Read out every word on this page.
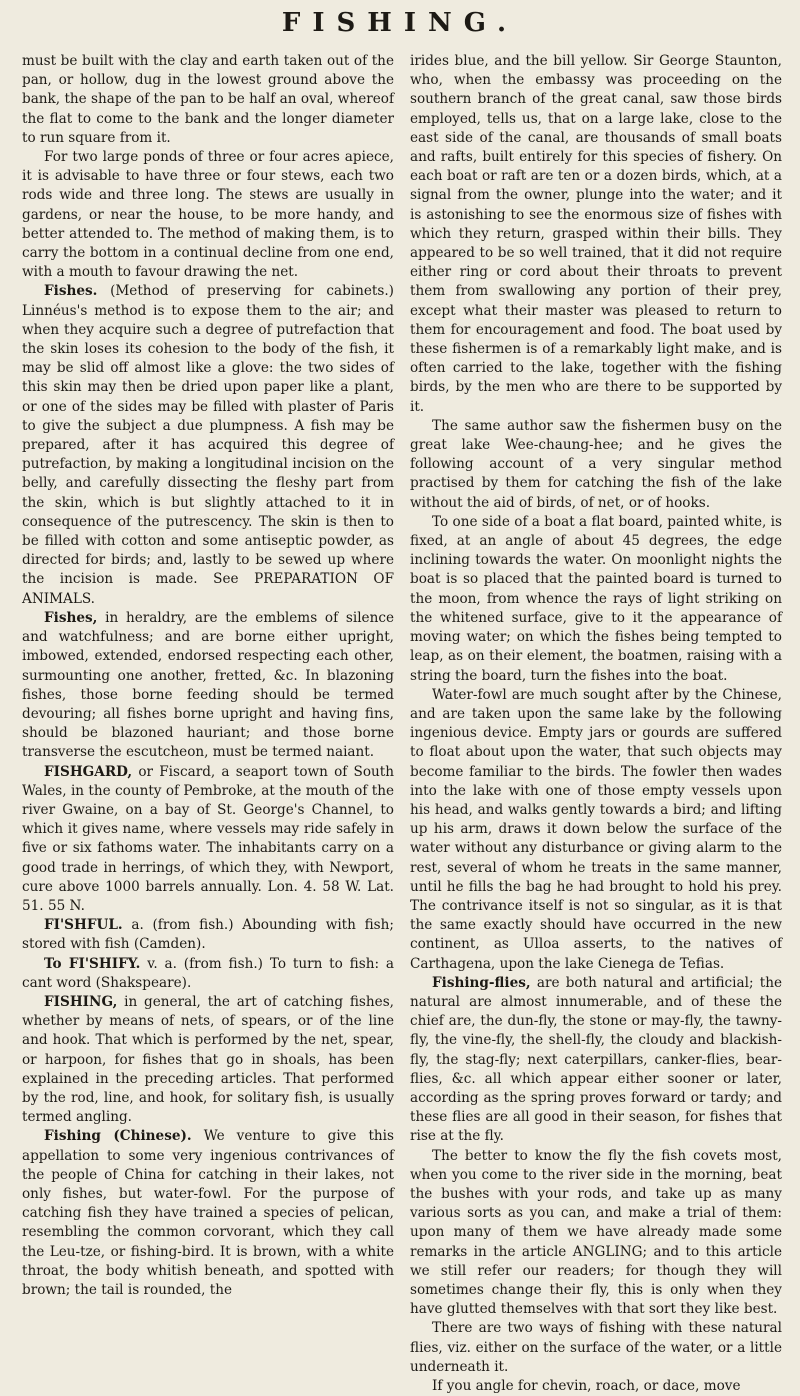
FISHING.

must be built with the clay and earth taken out of the pan, or hollow, dug in the lowest ground above the bank, the shape of the pan to be half an oval, whereof the flat to come to the bank and the longer diameter to run square from it.

For two large ponds of three or four acres apiece, it is advisable to have three or four stews, each two rods wide and three long. The stews are usually in gardens, or near the house, to be more handy, and better attended to. The method of making them, is to carry the bottom in a continual decline from one end, with a mouth to favour drawing the net.

Fishes. (Method of preserving for cabinets.) Linnéus's method is to expose them to the air; and when they acquire such a degree of putrefaction that the skin loses its cohesion to the body of the fish, it may be slid off almost like a glove: the two sides of this skin may then be dried upon paper like a plant, or one of the sides may be filled with plaster of Paris to give the subject a due plumpness. A fish may be prepared, after it has acquired this degree of putrefaction, by making a longitudinal incision on the belly, and carefully dissecting the fleshy part from the skin, which is but slightly attached to it in consequence of the putrescency. The skin is then to be filled with cotton and some antiseptic powder, as directed for birds; and, lastly to be sewed up where the incision is made. See PREPARATION OF ANIMALS.

Fishes, in heraldry, are the emblems of silence and watchfulness; and are borne either upright, imbowed, extended, endorsed respecting each other, surmounting one another, fretted, &c. In blazoning fishes, those borne feeding should be termed devouring; all fishes borne upright and having fins, should be blazoned hauriant; and those borne transverse the escutcheon, must be termed naiant.

FISHGARD, or Fiscard, a seaport town of South Wales, in the county of Pembroke, at the mouth of the river Gwaine, on a bay of St. George's Channel, to which it gives name, where vessels may ride safely in five or six fathoms water. The inhabitants carry on a good trade in herrings, of which they, with Newport, cure above 1000 barrels annually. Lon. 4. 58 W. Lat. 51. 55 N.

FI'SHFUL. a. (from fish.) Abounding with fish; stored with fish (Camden).

To FI'SHIFY. v. a. (from fish.) To turn to fish: a cant word (Shakspeare).

FISHING, in general, the art of catching fishes, whether by means of nets, of spears, or of the line and hook. That which is performed by the net, spear, or harpoon, for fishes that go in shoals, has been explained in the preceding articles. That performed by the rod, line, and hook, for solitary fish, is usually termed angling.

Fishing (Chinese). We venture to give this appellation to some very ingenious contrivances of the people of China for catching in their lakes, not only fishes, but water-fowl. For the purpose of catching fish they have trained a species of pelican, resembling the common corvorant, which they call the Leu-tze, or fishing-bird. It is brown, with a white throat, the body whitish beneath, and spotted with brown; the tail is rounded, the

irides blue, and the bill yellow. Sir George Staunton, who, when the embassy was proceeding on the southern branch of the great canal, saw those birds employed, tells us, that on a large lake, close to the east side of the canal, are thousands of small boats and rafts, built entirely for this species of fishery. On each boat or raft are ten or a dozen birds, which, at a signal from the owner, plunge into the water; and it is astonishing to see the enormous size of fishes with which they return, grasped within their bills. They appeared to be so well trained, that it did not require either ring or cord about their throats to prevent them from swallowing any portion of their prey, except what their master was pleased to return to them for encouragement and food. The boat used by these fishermen is of a remarkably light make, and is often carried to the lake, together with the fishing birds, by the men who are there to be supported by it.

The same author saw the fishermen busy on the great lake Wee-chaung-hee; and he gives the following account of a very singular method practised by them for catching the fish of the lake without the aid of birds, of net, or of hooks.

To one side of a boat a flat board, painted white, is fixed, at an angle of about 45 degrees, the edge inclining towards the water. On moonlight nights the boat is so placed that the painted board is turned to the moon, from whence the rays of light striking on the whitened surface, give to it the appearance of moving water; on which the fishes being tempted to leap, as on their element, the boatmen, raising with a string the board, turn the fishes into the boat.

Water-fowl are much sought after by the Chinese, and are taken upon the same lake by the following ingenious device. Empty jars or gourds are suffered to float about upon the water, that such objects may become familiar to the birds. The fowler then wades into the lake with one of those empty vessels upon his head, and walks gently towards a bird; and lifting up his arm, draws it down below the surface of the water without any disturbance or giving alarm to the rest, several of whom he treats in the same manner, until he fills the bag he had brought to hold his prey. The contrivance itself is not so singular, as it is that the same exactly should have occurred in the new continent, as Ulloa asserts, to the natives of Carthagena, upon the lake Cienega de Tefias.

Fishing-flies, are both natural and artificial; the natural are almost innumerable, and of these the chief are, the dun-fly, the stone or may-fly, the tawny-fly, the vine-fly, the shell-fly, the cloudy and blackish-fly, the stag-fly; next caterpillars, canker-flies, bear-flies, &c. all which appear either sooner or later, according as the spring proves forward or tardy; and these flies are all good in their season, for fishes that rise at the fly.

The better to know the fly the fish covets most, when you come to the river side in the morning, beat the bushes with your rods, and take up as many various sorts as you can, and make a trial of them: upon many of them we have already made some remarks in the article ANGLING; and to this article we still refer our readers; for though they will sometimes change their fly, this is only when they have glutted themselves with that sort they like best.

There are two ways of fishing with these natural flies, viz. either on the surface of the water, or a little underneath it.

If you angle for chevin, roach, or dace, move
